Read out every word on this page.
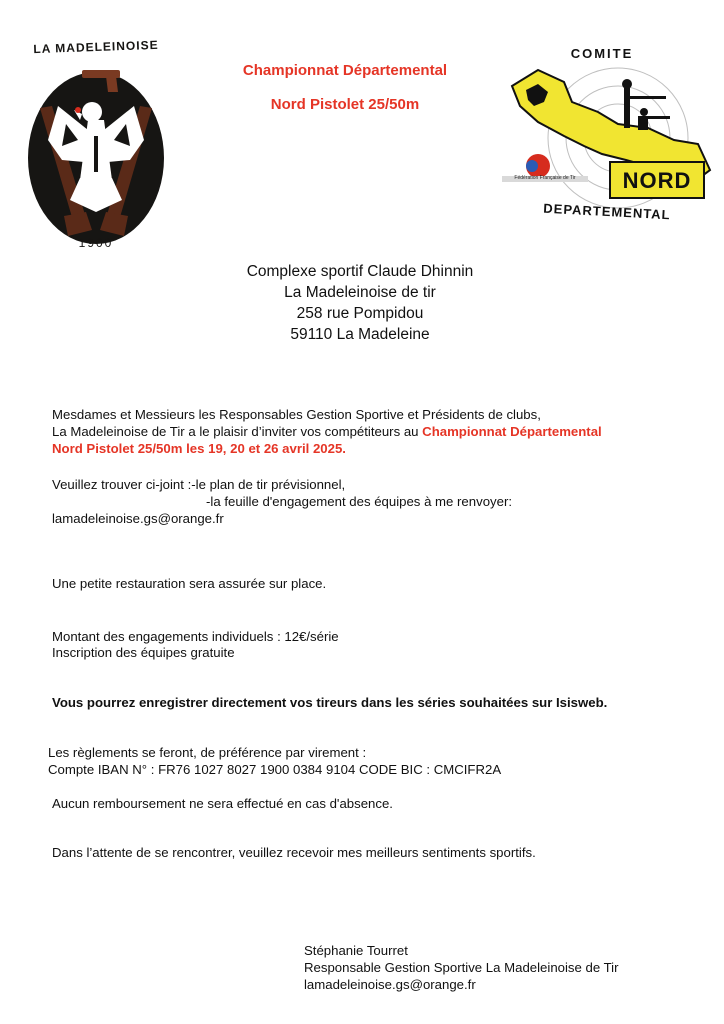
LA MADELEINOISE
1900
Championnat Départemental
Nord Pistolet 25/50m
COMITE
NORD
Fédération Française de Tir
DEPARTEMENTAL
Complexe sportif Claude Dhinnin
La Madeleinoise de tir
258 rue Pompidou
59110 La Madeleine
Mesdames et Messieurs les Responsables Gestion Sportive et Présidents de clubs,
La Madeleinoise de Tir a le plaisir d’inviter vos compétiteurs au Championnat Départemental
Nord Pistolet 25/50m les 19, 20 et 26 avril 2025.
Veuillez trouver ci-joint :-le plan de tir prévisionnel,
-la feuille d'engagement des équipes à me renvoyer:
lamadeleinoise.gs@orange.fr
Une petite restauration sera assurée sur place.
Montant des engagements individuels : 12€/série
Inscription des équipes gratuite
Vous pourrez enregistrer directement vos tireurs dans les séries souhaitées sur Isisweb.
Les règlements se feront, de préférence par virement :
Compte IBAN N° : FR76 1027 8027 1900 0384 9104 CODE BIC : CMCIFR2A
Aucun remboursement ne sera effectué en cas d'absence.
Dans l’attente de se rencontrer, veuillez recevoir mes meilleurs sentiments sportifs.
Stéphanie Tourret
Responsable Gestion Sportive La Madeleinoise de Tir
lamadeleinoise.gs@orange.fr
